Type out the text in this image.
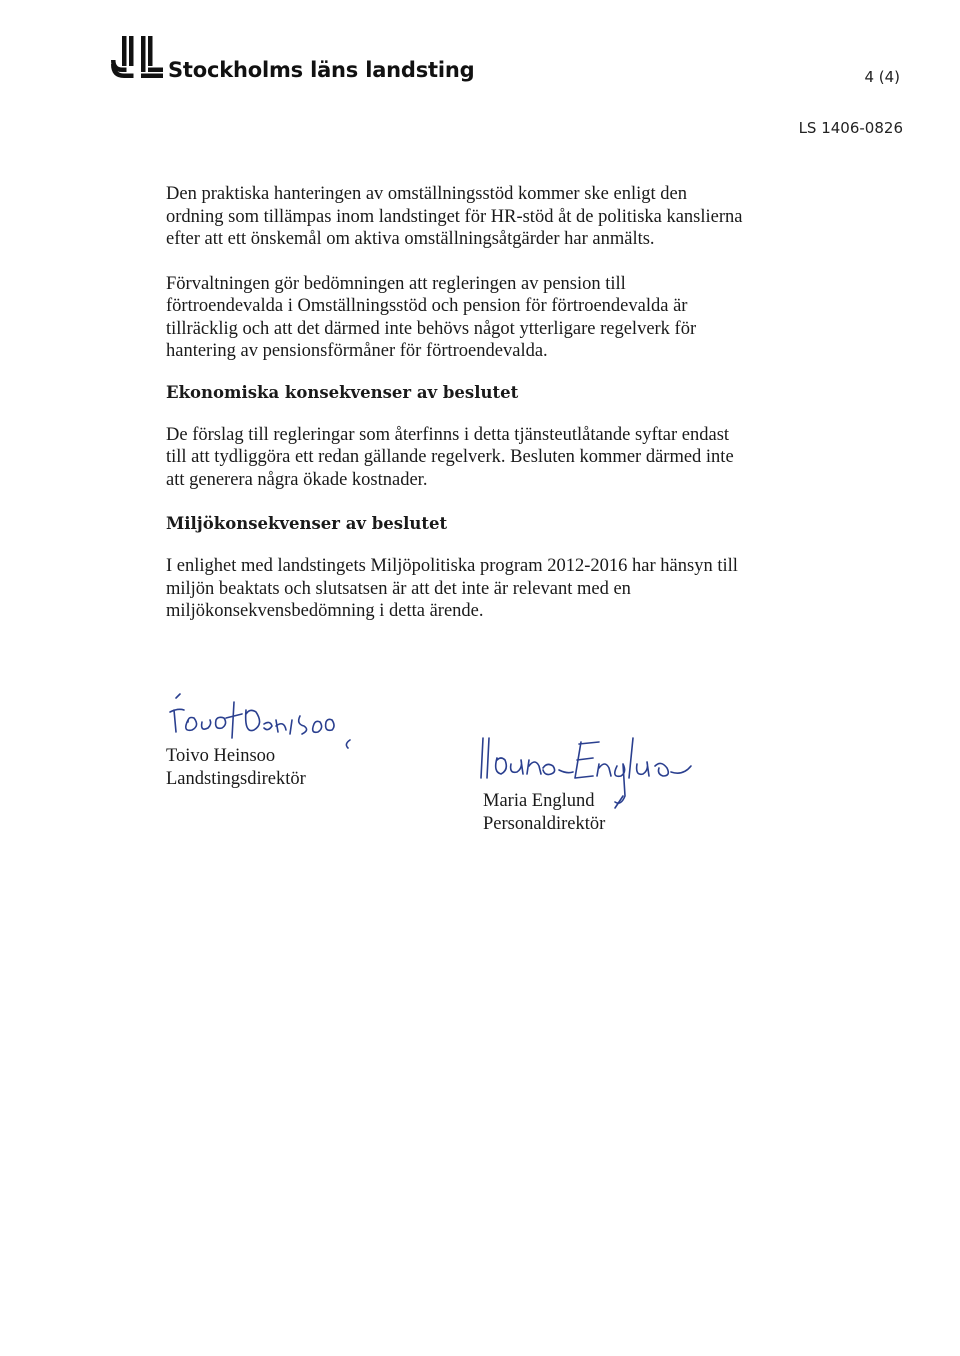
Stockholms läns landsting	4 (4)
LS 1406-0826

Den praktiska hanteringen av omställningsstöd kommer ske enligt den ordning som tillämpas inom landstinget för HR-stöd åt de politiska kanslierna efter att ett önskemål om aktiva omställningsåtgärder har anmälts.

Förvaltningen gör bedömningen att regleringen av pension till förtroendevalda i Omställningsstöd och pension för förtroendevalda är tillräcklig och att det därmed inte behövs något ytterligare regelverk för hantering av pensionsförmåner för förtroendevalda.

Ekonomiska konsekvenser av beslutet

De förslag till regleringar som återfinns i detta tjänsteutlåtande syftar endast till att tydliggöra ett redan gällande regelverk. Besluten kommer därmed inte att generera några ökade kostnader.

Miljökonsekvenser av beslutet

I enlighet med landstingets Miljöpolitiska program 2012-2016 har hänsyn till miljön beaktats och slutsatsen är att det inte är relevant med en miljökonsekvensbedömning i detta ärende.

Toivo Heinsoo
Landstingsdirektör
Maria Englund
Personaldirektör
